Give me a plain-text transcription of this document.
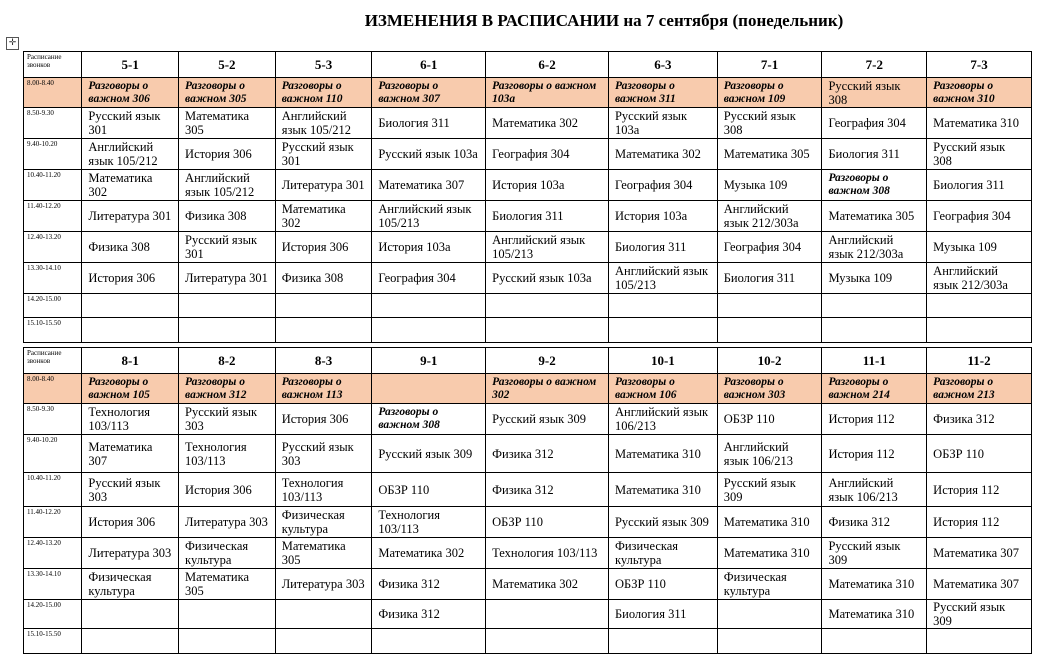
ИЗМЕНЕНИЯ В РАСПИСАНИИ на 7 сентября (понедельник)
✛
Расписание звонков	5-1	5-2	5-3	6-1	6-2	6-3	7-1	7-2	7-3
8.00-8.40	Разговоры о важном 306	Разговоры о важном 305	Разговоры о важном 110	Разговоры о важном 307	Разговоры о важном 103а	Разговоры о важном 311	Разговоры о важном 109	Русский язык 308	Разговоры о важном 310
8.50-9.30	Русский язык 301	Математика 305	Английский язык 105/212	Биология 311	Математика 302	Русский язык 103а	Русский язык 308	География 304	Математика 310
9.40-10.20	Английский язык 105/212	История 306	Русский язык 301	Русский язык 103а	География 304	Математика 302	Математика 305	Биология 311	Русский язык 308
10.40-11.20	Математика 302	Английский язык 105/212	Литература 301	Математика 307	История 103а	География 304	Музыка 109	Разговоры о важном 308	Биология 311
11.40-12.20	Литература 301	Физика 308	Математика 302	Английский язык 105/213	Биология 311	История 103а	Английский язык 212/303а	Математика 305	География 304
12.40-13.20	Физика 308	Русский язык 301	История 306	История 103а	Английский язык 105/213	Биология 311	География 304	Английский язык 212/303а	Музыка 109
13.30-14.10	История 306	Литература 301	Физика 308	География 304	Русский язык 103а	Английский язык 105/213	Биология 311	Музыка 109	Английский язык 212/303а
14.20-15.00									
15.10-15.50									
Расписание звонков	8-1	8-2	8-3	9-1	9-2	10-1	10-2	11-1	11-2
8.00-8.40	Разговоры о важном 105	Разговоры о важном 312	Разговоры о важном 113		Разговоры о важном 302	Разговоры о важном 106	Разговоры о важном 303	Разговоры о важном 214	Разговоры о важном 213
8.50-9.30	Технология 103/113	Русский язык 303	История 306	Разговоры о важном 308	Русский язык 309	Английский язык 106/213	ОБЗР 110	История 112	Физика 312
9.40-10.20	Математика 307	Технология 103/113	Русский язык 303	Русский язык 309	Физика 312	Математика 310	Английский язык 106/213	История 112	ОБЗР 110
10.40-11.20	Русский язык 303	История 306	Технология 103/113	ОБЗР 110	Физика 312	Математика 310	Русский язык 309	Английский язык 106/213	История 112
11.40-12.20	История 306	Литература 303	Физическая культура	Технология 103/113	ОБЗР 110	Русский язык 309	Математика 310	Физика 312	История 112
12.40-13.20	Литература 303	Физическая культура	Математика 305	Математика 302	Технология 103/113	Физическая культура	Математика 310	Русский язык 309	Математика 307
13.30-14.10	Физическая культура	Математика 305	Литература 303	Физика 312	Математика 302	ОБЗР 110	Физическая культура	Математика 310	Математика 307
14.20-15.00				Физика 312		Биология 311		Математика 310	Русский язык 309
15.10-15.50									
